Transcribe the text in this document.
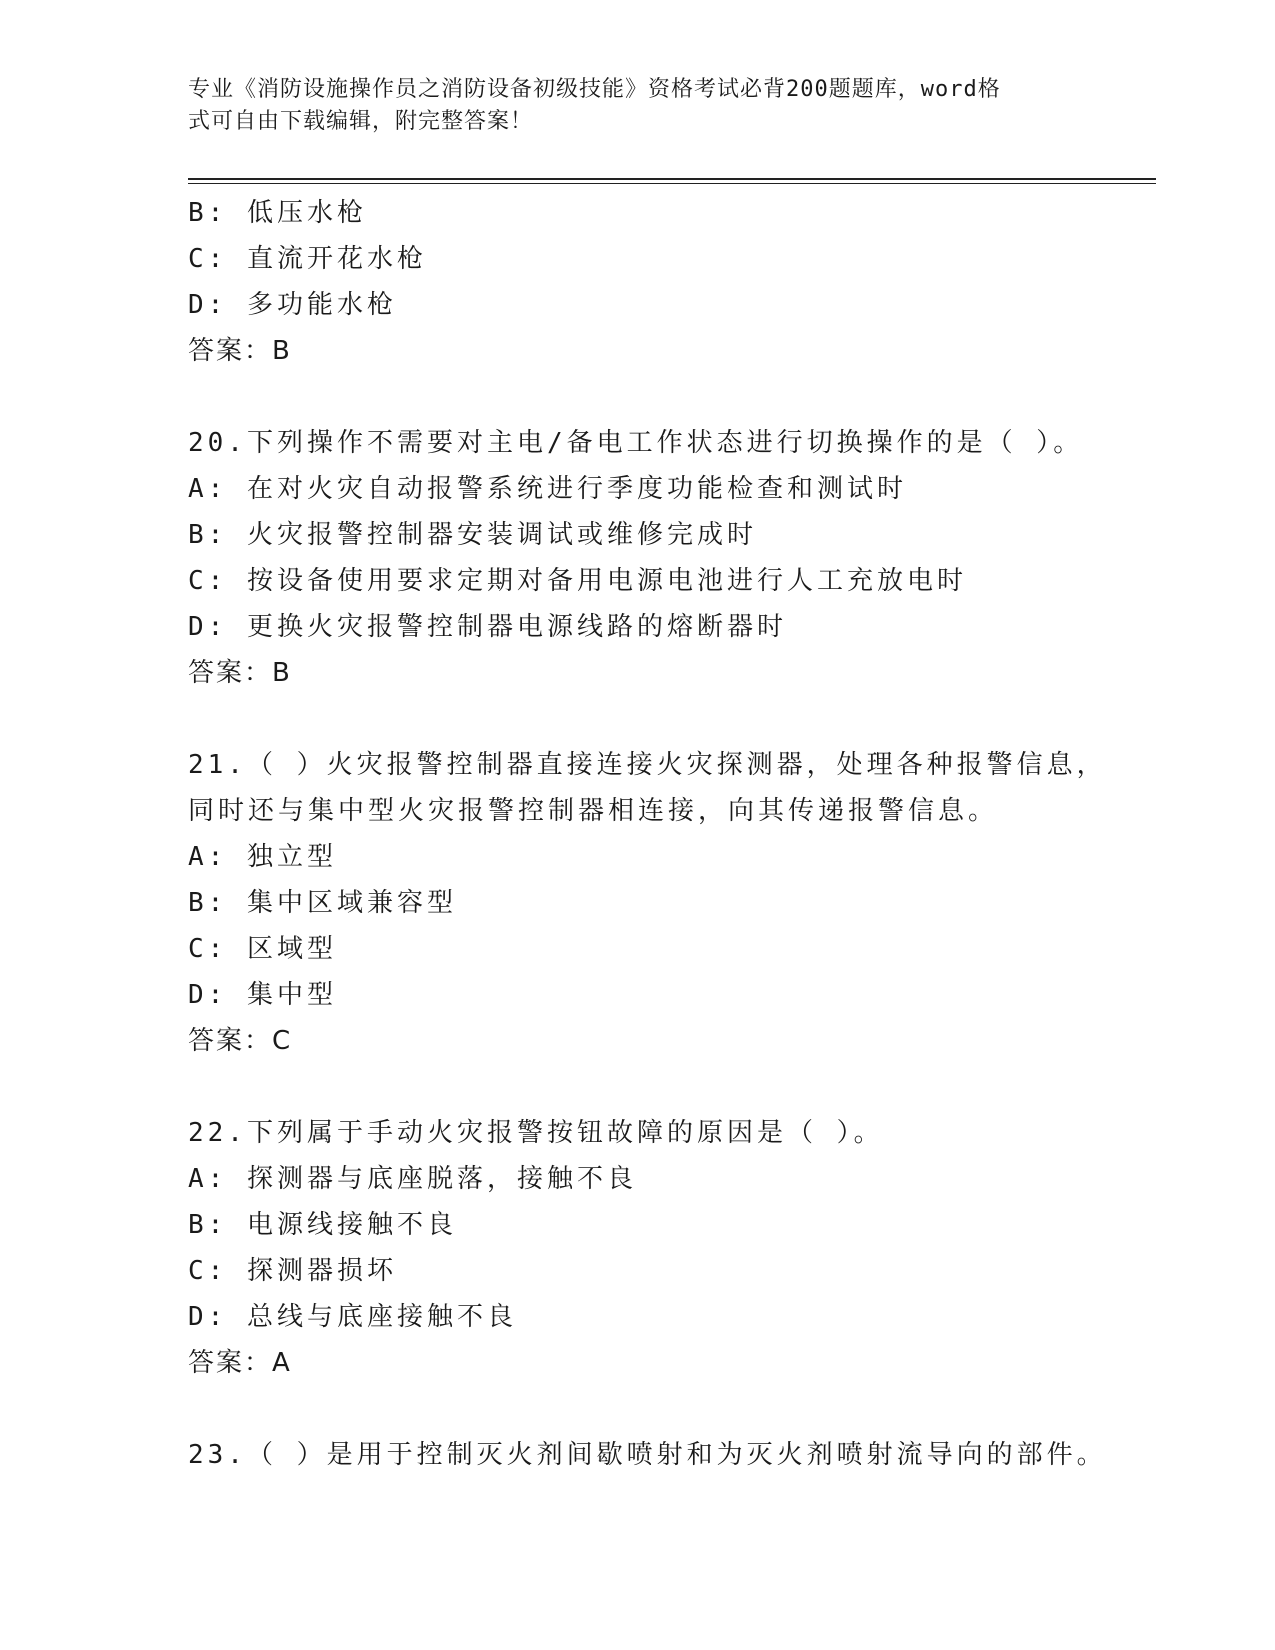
专业《消防设施操作员之消防设备初级技能》资格考试必背200题题库，word格
式可自由下载编辑，附完整答案！
B: 低压水枪
C: 直流开花水枪
D: 多功能水枪
答案：B
20.下列操作不需要对主电/备电工作状态进行切换操作的是（ ）。
A: 在对火灾自动报警系统进行季度功能检查和测试时
B: 火灾报警控制器安装调试或维修完成时
C: 按设备使用要求定期对备用电源电池进行人工充放电时
D: 更换火灾报警控制器电源线路的熔断器时
答案：B
21.（ ）火灾报警控制器直接连接火灾探测器，处理各种报警信息，
同时还与集中型火灾报警控制器相连接，向其传递报警信息。
A: 独立型
B: 集中区域兼容型
C: 区域型
D: 集中型
答案：C
22.下列属于手动火灾报警按钮故障的原因是（ ）。
A: 探测器与底座脱落，接触不良
B: 电源线接触不良
C: 探测器损坏
D: 总线与底座接触不良
答案：A
23.（ ）是用于控制灭火剂间歇喷射和为灭火剂喷射流导向的部件。
